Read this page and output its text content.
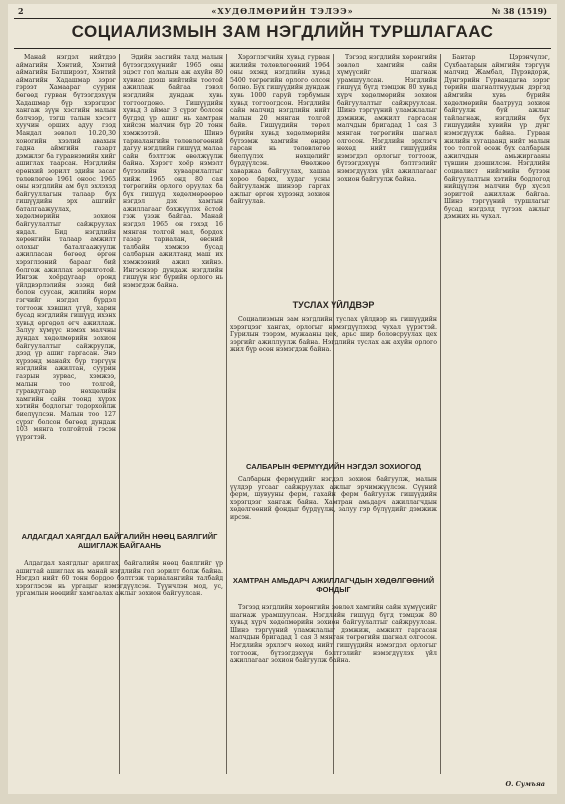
2	«ХУДӨЛМӨРИЙН ТЭЛЭЭ»	№ 38 (1519)
СОЦИАЛИЗМЫН ЗАМ НЭГДЛИЙН ТУРШЛАГААС

Манай нэгдэл нийтдээ аймагийн Хэнтий, Хэнтий аймагийн Батширээт, Хэнтий аймагийн Хадашмар зэрэг гэрээт Хамаараг суурин бөгөөд гурван бүтээгдэхүүн Хадашмар бүр хэрэгцээг хангаж зүүн хэсгийн малын бэлчээр, тэгш талын хэсэгт хуучин орших адуу гээд Мандал зөвлөл 10.20,30 хоногийн хээлий авахын гадна аймгийн газарт дэмжлэг ба гуравнэмийн хийг ашиглах таарсан. Нэгдлийн ерөнхий зорилт эдийн засаг төлөвлөгөө 1961 оноос 1965 оны нэгдлийн ам бүл эхлэхэд байгууллагын талаар бүх гишүүдийн эрх ашгийг баталгаажуулах, хөдөлмөрийн зохион байгуулалтыг сайжруулах явдал. Бид нэгдлийн хөрөнгийн талаар амжилт олохыг баталгаажуулж ажилласан бөгөөд өргөн хэрэглээний барааг бий болгож ажиллах зорилготой. Ингэж хоёрдугаар оронд үйлдвэрлэлийн эзэнд бий болон суусан, жилийн норм гэгчийг нэгдэл бүрдэл тогтоож хэвшил үгүй, харин бусад нэгдлийн гишүүд ихэнх хувьд өргөдөл өгч ажиллаж. Залуу хүмүүс нэмэх малчны дундах хөдөлмөрийн зохион байгуулалтыг сайжруулж, дээд үр ашиг гаргасан. Энэ хүрээнд манайх бүр тэргүүн нэгдлийн ажилтан, суурин газрын зурвас, хэмжээ, малын тоо толгой, гуравдугаар нөхцөлийн хамгийн сайн тоонд хүрэх хэтийн бодлогыг тодорхойлж биелүүлсэн. Малын тоо 127 сүрэг болсон бөгөөд дундаж 103 мянга толгойтой гэсэн үүрэгтэй.

Эдийн засгийн талд малын бүтээгдэхүүнийг 1965 оны эцэст гол малын аж ахуйн 80 хувиас дээш нийтийн тоотой ажиллаж байгаа гэвэл нэгдлийн дундаж хувь тогтоогдоно. Гишүүдийн хувьд 3 аймаг 3 сүрэг болсон бүгдэд үр ашиг нь хамтран хийсэн малчин бүр 20 тонн хэмжээтэй. Шинэ тариалангийн төлөвлөгөөний дагуу нэгдлийн гишүүд малаа сайн бэлтгэж өвөлжүүлж байна. Хэрэгт хоёр нэмэлт бүтээлийн хуваарилалтыг хийж 1965 онд 80 сая төгрөгийн орлого оруулах ба бүх гишүүд хөдөлмөрөөрөө нэгдэл дэх хамтын ажиллагааг бэхжүүлэх ёстой гэж үзэж байгаа. Манай нэгдэл 1965 он гэхэд 16 мянган толгой мал, бордох газар тариалан, өвсний талбайн хэмжээ бусад салбарын ажилтанд маш их хэмжээний ажил хийнэ. Ингэснээр дундаж нэгдлийн гишүүн нэг бүрийн орлого нь нэмэгдэж байна.

Хэрэглэгчийн хувьд гурван жилийн төлөвлөгөөний 1964 оны эхэнд нэгдлийн хувьд 5400 төгрөгийн орлого олсон болно. Бүх гишүүдийн дундаж хувь 1000 гаруй тэрбумын хувьд тогтоогдсон. Нэгдлийн сайн малчид нэгдлийн нийт малын 20 мянган толгой байв. Гишүүдийн төрөл бүрийн хувьд хөдөлмөрийн бүтээмж хамгийн өндөр гарсан нь төлөвлөгөө биелүүлэх нөхцөлийг бүрдүүлсэн. Өвөлжөө хаваржаа байгуулах, хашаа хороо барих, худаг усны байгууламж шинээр гаргах ажлыг өргөн хүрээнд зохион байгуулав.

Тэгээд нэгдлийн хөрөнгийн зөвлөл хамгийн сайн хүмүүсийг шагнаж урамшуулсан. Нэгдлийн гишүүд бүгд тэмцэж 80 хувьд хүрч хөдөлмөрийн зохион байгуулалтыг сайжруулсан. Шинэ тэргүүний уламжлалыг дэмжиж, амжилт гаргасан малчдын бригадад 1 сая 3 мянган төгрөгийн шагнал олгосон. Нэгдлийн эрхлэгч нөхөд нийт гишүүдийн нэмэгдэл орлогыг тогтоож, бүтээгдэхүүн бэлтгэлийг нэмэгдүүлэх үйл ажиллагааг зохион байгуулж байна.

Бантар Цэрэнчүлэг, Сүхбаатарын аймгийн тэргүүн малчид Жамбал, Пүрэвдорж, Дүнгэрийн Гурвандагва зэрэг төрийн шагналтнуудын дэргэд аймгийн хувь бүрийн хөдөлмөрийн баатрууд зохион байгуулж буй ажлыг тайлагнаж, нэгдлийн бүх гишүүдийн хувийн үр дүнг нэмэгдүүлж байна. Гурван жилийн хугацаанд нийт малын тоо толгой өсөж бүх салбарын ажилчдын амьжиргааны түвшин дээшилсэн. Нэгдлийн социалист нийгмийн бүтээн байгуулалтын хэтийн бодлогод нийцүүлэн малчин бүр хүсэл зоригтой ажиллаж байгаа. Шинэ тэргүүний туршлагыг бусад нэгдэлд түгээх ажлыг дэмжих нь чухал.

ТУСЛАХ ҮЙЛДВЭР

Социализмын зам нэгдлийн туслах үйлдвэр нь гишүүдийн хэрэгцээг хангах, орлогыг нэмэгдүүлэхэд чухал үүрэгтэй. Гурилын тээрэм, мужааны цех, арьс шир боловсруулах цех зэргийг ажиллуулж байна. Нэгдлийн туслах аж ахуйн орлого жил бүр өсөн нэмэгдэж байна.

САЛБАРЫН ФЕРМҮҮДИЙН НЭГДЭЛ ЗОХИОГОД

Салбарын фермүүдийг нэгдэл зохион байгуулж, малын үүлдэр угсааг сайжруулах ажлыг эрчимжүүлсэн. Сүүний ферм, шувууны ферм, гахайн ферм байгуулж гишүүдийн хэрэгцээг хангаж байна. Хамтран амьдарч ажиллагчдын хөдөлгөөний фондыг бүрдүүлж, залуу гэр бүлүүдийг дэмжиж ирсэн.

АЛДАГДАЛ ХАЯГДАЛ БАЙГАЛИЙН НӨӨЦ БАЯЛГИЙГ АШИГЛАЖ БАЙГААНЬ

Алдагдал хаягдлыг арилгах, байгалийн нөөц баялгийг үр ашигтай ашиглах нь манай нэгдлийн гол зорилт болж байна. Нэгдэл нийт 60 тонн бордоо бэлтгэж тариалангийн талбайд хэрэглэсэн нь ургацыг нэмэгдүүлсэн. Түүнчлэн мод, ус, ургамлын нөөцийг хамгаалах ажлыг зохион байгуулсан.

ХАМТРАН АМЬДАРЧ АЖИЛЛАГЧДЫН ХӨДӨЛГӨӨНИЙ ФОНДЫГ

Тэгээд нэгдлийн хөрөнгийн зөвлөл хамгийн сайн хүмүүсийг шагнаж урамшуулсан. Нэгдлийн гишүүд бүгд тэмцэж 80 хувьд хүрч хөдөлмөрийн зохион байгуулалтыг сайжруулсан. Шинэ тэргүүний уламжлалыг дэмжиж, амжилт гаргасан малчдын бригадад 1 сая 3 мянган төгрөгийн шагнал олгосон. Нэгдлийн эрхлэгч нөхөд нийт гишүүдийн нэмэгдэл орлогыг тогтоож, бүтээгдэхүүн бэлтгэлийг нэмэгдүүлэх үйл ажиллагааг зохион байгуулж байна.

О. Сумъяа
